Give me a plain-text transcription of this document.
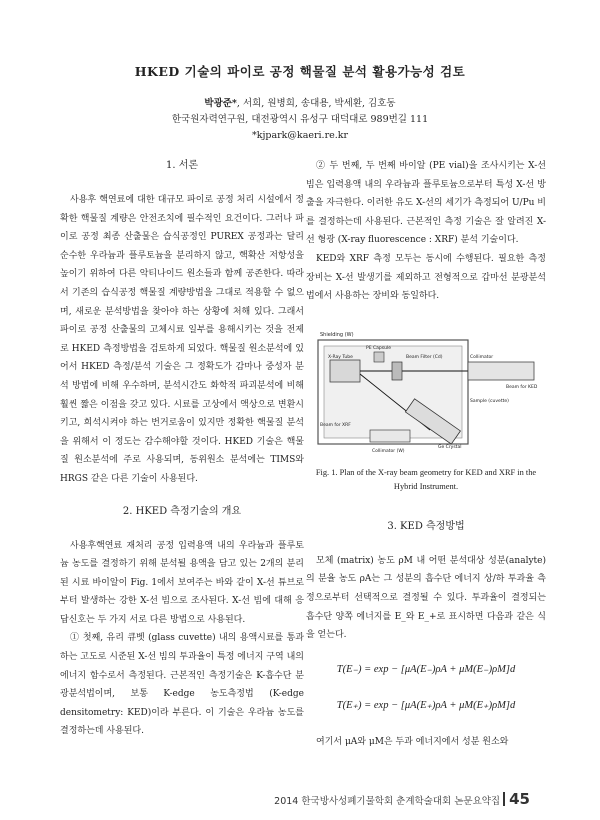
HKED 기술의 파이로 공정 핵물질 분석 활용가능성 검토
박광준*, 서희, 원병희, 송대용, 박세환, 김호동
한국원자력연구원, 대전광역시 유성구 대덕대로 989번길 111
*kjpark@kaeri.re.kr
1. 서론

사용후 핵연료에 대한 대규모 파이로 공정 처리 시설에서 정확한 핵물질 계량은 안전조치에 필수적인 요건이다. 그러나 파이로 공정 최종 산출물은 습식공정인 PUREX 공정과는 달리 순수한 우라늄과 플루토늄을 분리하지 않고, 핵확산 저항성을 높이기 위하여 다른 악티나이드 원소들과 함께 공존한다. 따라서 기존의 습식공정 핵물질 계량방법을 그대로 적용할 수 없으며, 새로운 분석방법을 찾아야 하는 상황에 처해 있다. 그래서 파이로 공정 산출물의 고체시료 일부를 용해시키는 것을 전제로 HKED 측정방법을 검토하게 되었다. 핵물질 원소분석에 있어서 HKED 측정/분석 기술은 그 정확도가 감마나 중성자 분석 방법에 비해 우수하며, 분석시간도 화학적 파괴분석에 비해 훨씬 짧은 이점을 갖고 있다. 시료를 고상에서 액상으로 변환시키고, 희석시켜야 하는 번거로움이 있지만 정확한 핵물질 분석을 위해서 이 정도는 감수해야할 것이다. HKED 기술은 핵물질 원소분석에 주로 사용되며, 동위원소 분석에는 TIMS와 HRGS 같은 다른 기술이 사용된다.

2. HKED 측정기술의 개요

사용후핵연료 재처리 공정 입력용액 내의 우라늄과 플루토늄 농도를 결정하기 위해 분석될 용액을 담고 있는 2개의 분리된 시료 바이알이 Fig. 1에서 보여주는 바와 같이 X-선 튜브로부터 발생하는 강한 X-선 빔으로 조사된다. X-선 빔에 대해 응답신호는 두 가지 서로 다른 방법으로 사용된다.

① 첫째, 유리 큐벳 (glass cuvette) 내의 용액시료를 통과하는 고도로 시준된 X-선 빔의 투과율이 특정 에너지 구역 내의 에너지 함수로서 측정된다. 근본적인 측정기술은 K-흡수단 분광분석법이며, 보통 K-edge 농도측정법 (K-edge densitometry: KED)이라 부른다. 이 기술은 우라늄 농도를 결정하는데 사용된다.

② 두 번째, 두 번째 바이알 (PE vial)을 조사시키는 X-선 빔은 입력용액 내의 우라늄과 플루토늄으로부터 특성 X-선 방출을 자극한다. 이러한 유도 X-선의 세기가 측정되어 U/Pu 비를 결정하는데 사용된다. 근본적인 측정 기술은 잘 알려진 X-선 형광 (X-ray fluorescence : XRF) 분석 기술이다.

KED와 XRF 측정 모두는 동시에 수행된다. 필요한 측정 장비는 X-선 발생기를 제외하고 전형적으로 갑마선 분광분석법에서 사용하는 장비와 동일하다.

Shielding (W)
X-Ray Tube
PE Capsule
Beam Filter (Cd)	Collimator
Beam for KED
Beam for XRF
Collimator (W)
Ge Crystal
Sample (cuvette)
Fig. 1. Plan of the X-ray beam geometry for KED and XRF in the Hybrid Instrument.
3. KED 측정방법

모체 (matrix) 농도 ρM 내 어떤 분석대상 성분(analyte)의 분율 농도 ρA는 그 성분의 흡수단 에너지 상/하 투과율 측정으로부터 선택적으로 결정될 수 있다. 투과율이 결정되는 흡수단 양쪽 에너지를 E_와 E_+로 표시하면 다음과 같은 식을 얻는다.

T(E₋) = exp − [μA(E₋)ρA + μM(E₋)ρM]d
T(E₊) = exp − [μA(E₊)ρA + μM(E₊)ρM]d

여기서 μA와 μM은 두과 에너지에서 성분 원소와

2014 한국방사성폐기물학회 춘계학술대회 논문요약집 45
